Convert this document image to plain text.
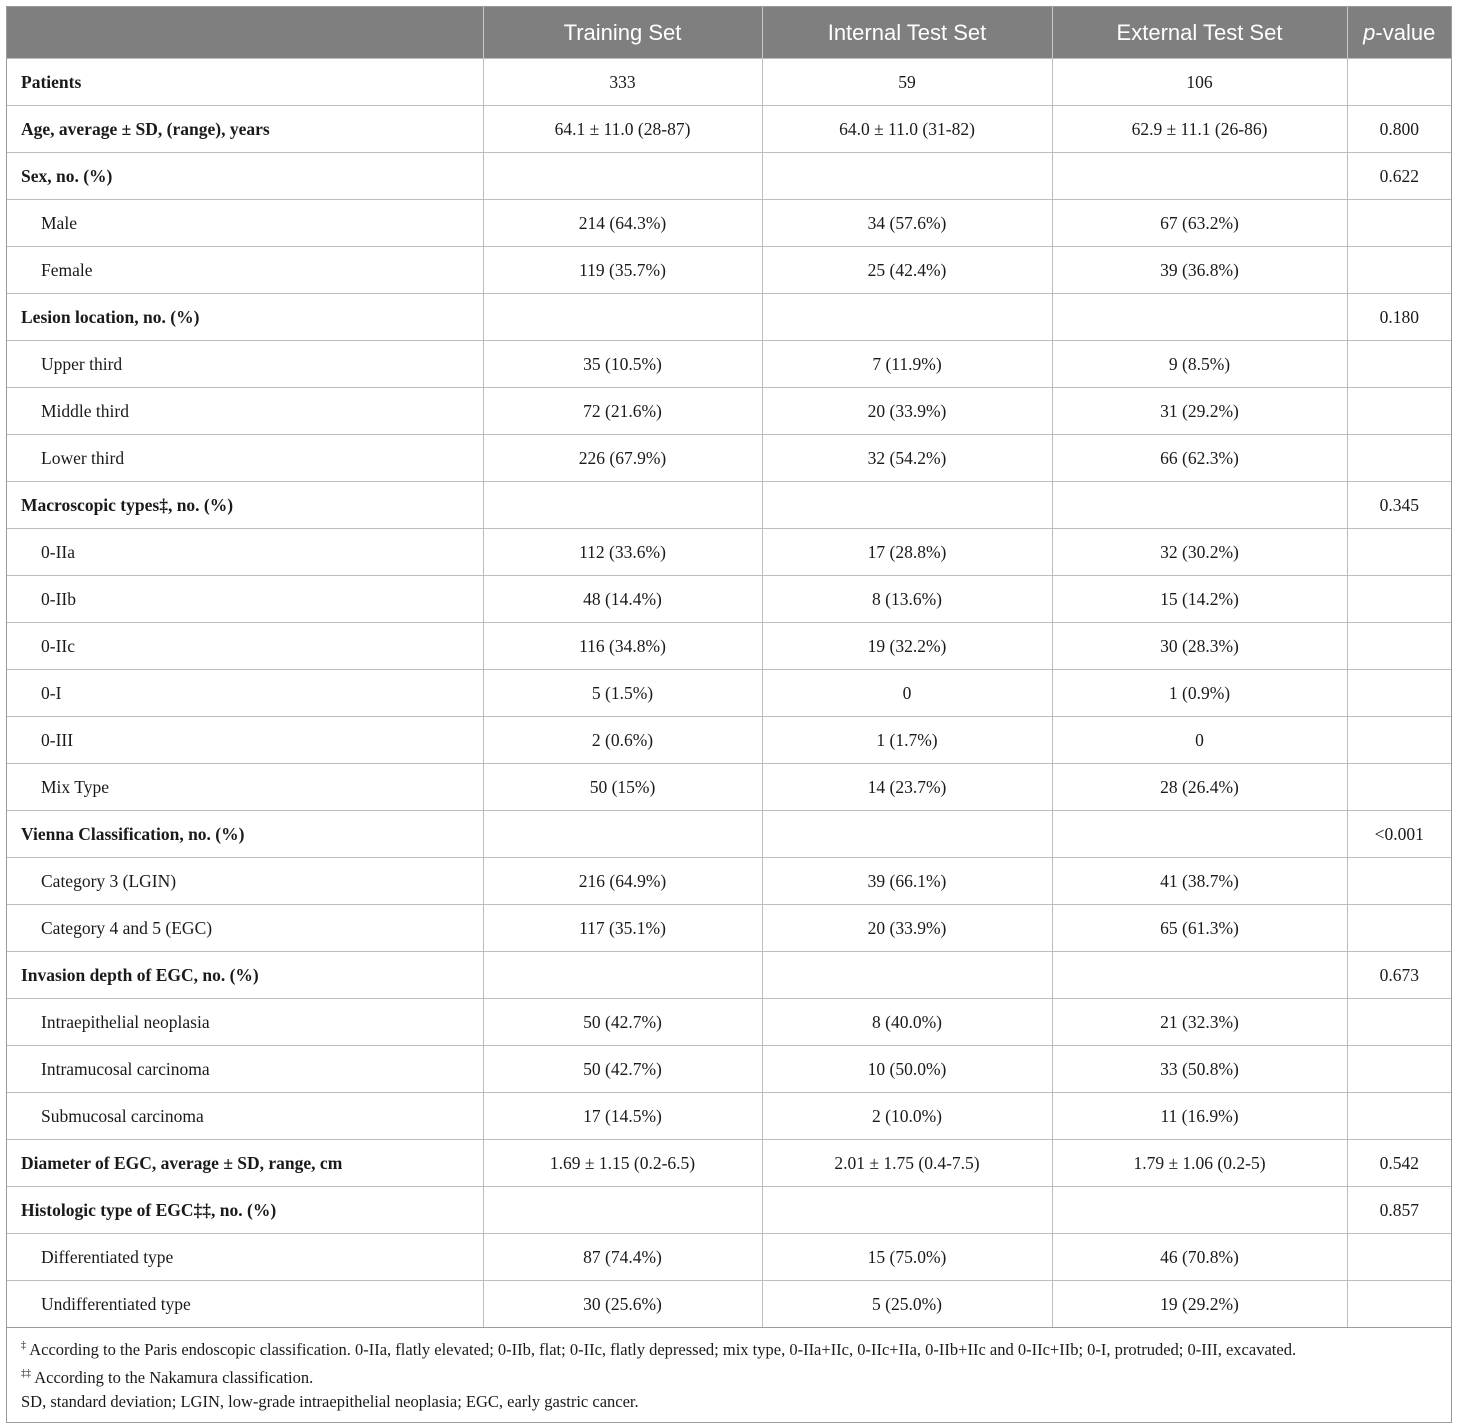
	Training Set	Internal Test Set	External Test Set	p-value
Patients	333	59	106	
Age, average ± SD, (range), years	64.1 ± 11.0 (28-87)	64.0 ± 11.0 (31-82)	62.9 ± 11.1 (26-86)	0.800
Sex, no. (%)				0.622
Male	214 (64.3%)	34 (57.6%)	67 (63.2%)	
Female	119 (35.7%)	25 (42.4%)	39 (36.8%)	
Lesion location, no. (%)				0.180
Upper third	35 (10.5%)	7 (11.9%)	9 (8.5%)	
Middle third	72 (21.6%)	20 (33.9%)	31 (29.2%)	
Lower third	226 (67.9%)	32 (54.2%)	66 (62.3%)	
Macroscopic types‡, no. (%)				0.345
0-IIa	112 (33.6%)	17 (28.8%)	32 (30.2%)	
0-IIb	48 (14.4%)	8 (13.6%)	15 (14.2%)	
0-IIc	116 (34.8%)	19 (32.2%)	30 (28.3%)	
0-I	5 (1.5%)	0	1 (0.9%)	
0-III	2 (0.6%)	1 (1.7%)	0	
Mix Type	50 (15%)	14 (23.7%)	28 (26.4%)	
Vienna Classification, no. (%)				<0.001
Category 3 (LGIN)	216 (64.9%)	39 (66.1%)	41 (38.7%)	
Category 4 and 5 (EGC)	117 (35.1%)	20 (33.9%)	65 (61.3%)	
Invasion depth of EGC, no. (%)				0.673
Intraepithelial neoplasia	50 (42.7%)	8 (40.0%)	21 (32.3%)	
Intramucosal carcinoma	50 (42.7%)	10 (50.0%)	33 (50.8%)	
Submucosal carcinoma	17 (14.5%)	2 (10.0%)	11 (16.9%)	
Diameter of EGC, average ± SD, range, cm	1.69 ± 1.15 (0.2-6.5)	2.01 ± 1.75 (0.4-7.5)	1.79 ± 1.06 (0.2-5)	0.542
Histologic type of EGC‡‡, no. (%)				0.857
Differentiated type	87 (74.4%)	15 (75.0%)	46 (70.8%)	
Undifferentiated type	30 (25.6%)	5 (25.0%)	19 (29.2%)	
‡ According to the Paris endoscopic classification. 0-IIa, flatly elevated; 0-IIb, flat; 0-IIc, flatly depressed; mix type, 0-IIa+IIc, 0-IIc+IIa, 0-IIb+IIc and 0-IIc+IIb; 0-I, protruded; 0-III, excavated.
‡‡ According to the Nakamura classification.
SD, standard deviation; LGIN, low-grade intraepithelial neoplasia; EGC, early gastric cancer.
